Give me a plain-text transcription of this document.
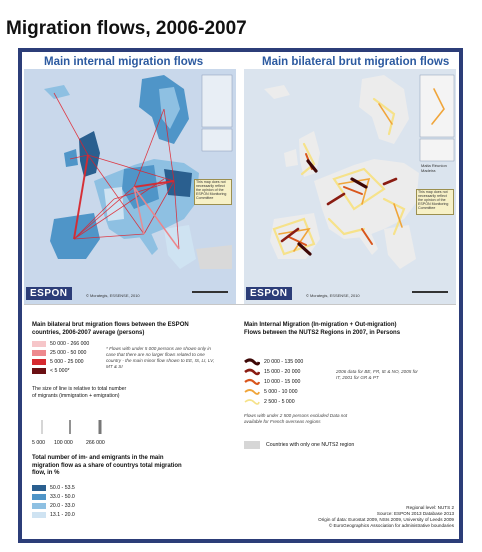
Migration flows, 2006-2007
This map does not necessarily reflect the opinion of the ESPON Monitoring Committee
ESPON	© Mcrategis, ESSENSE, 2010
Main internal migration flows
This map does not necessarily reflect the opinion of the ESPON Monitoring Committee
Malta Réunion Madeira
ESPON	© Mcrategis, ESSENSE, 2010
Main bilateral brut migration flows
Main bilateral brut migration flows between the ESPON countries, 2006-2007 average (persons)
50 000 - 266 000
25 000 - 50 000
5 000 - 25 000
< 5 000*
* Flows with under 5 000 persons are shown only in case that there are no larger flows related to one country - the main minor flow shown to EE, IS, LI, LV, MT & SI
The size of line is relative to total number of migrants (immigration + emigration)
5 000 100 000	266 000
Total number of im- and emigrants in the main migration flow as a share of countrys total migration flow, in %
50.0 - 53.5
33.0 - 50.0
20.0 - 33.0
13.1 - 20.0
Main Internal Migration (In-migration + Out-migration) Flows between the NUTS2 Regions in 2007, in Persons
20 000 - 135 000
15 000 - 20 000
10 000 - 15 000
5 000 - 10 000
2 500 - 5 000
2006 data for BE, FR, IE & NO, 2005 for IT, 2001 for GR & PT
Flows with under 2 500 persons excluded Data not available for French overseas regions
Countries with only one NUTS2 region
Regional level: NUTS 2
Source: ESPON 2013 Database 2013
Origin of data: Eurostat 2009, NSIs 2009, University of Leeds 2009
© EuroGeographics Association for administrative boundaries
